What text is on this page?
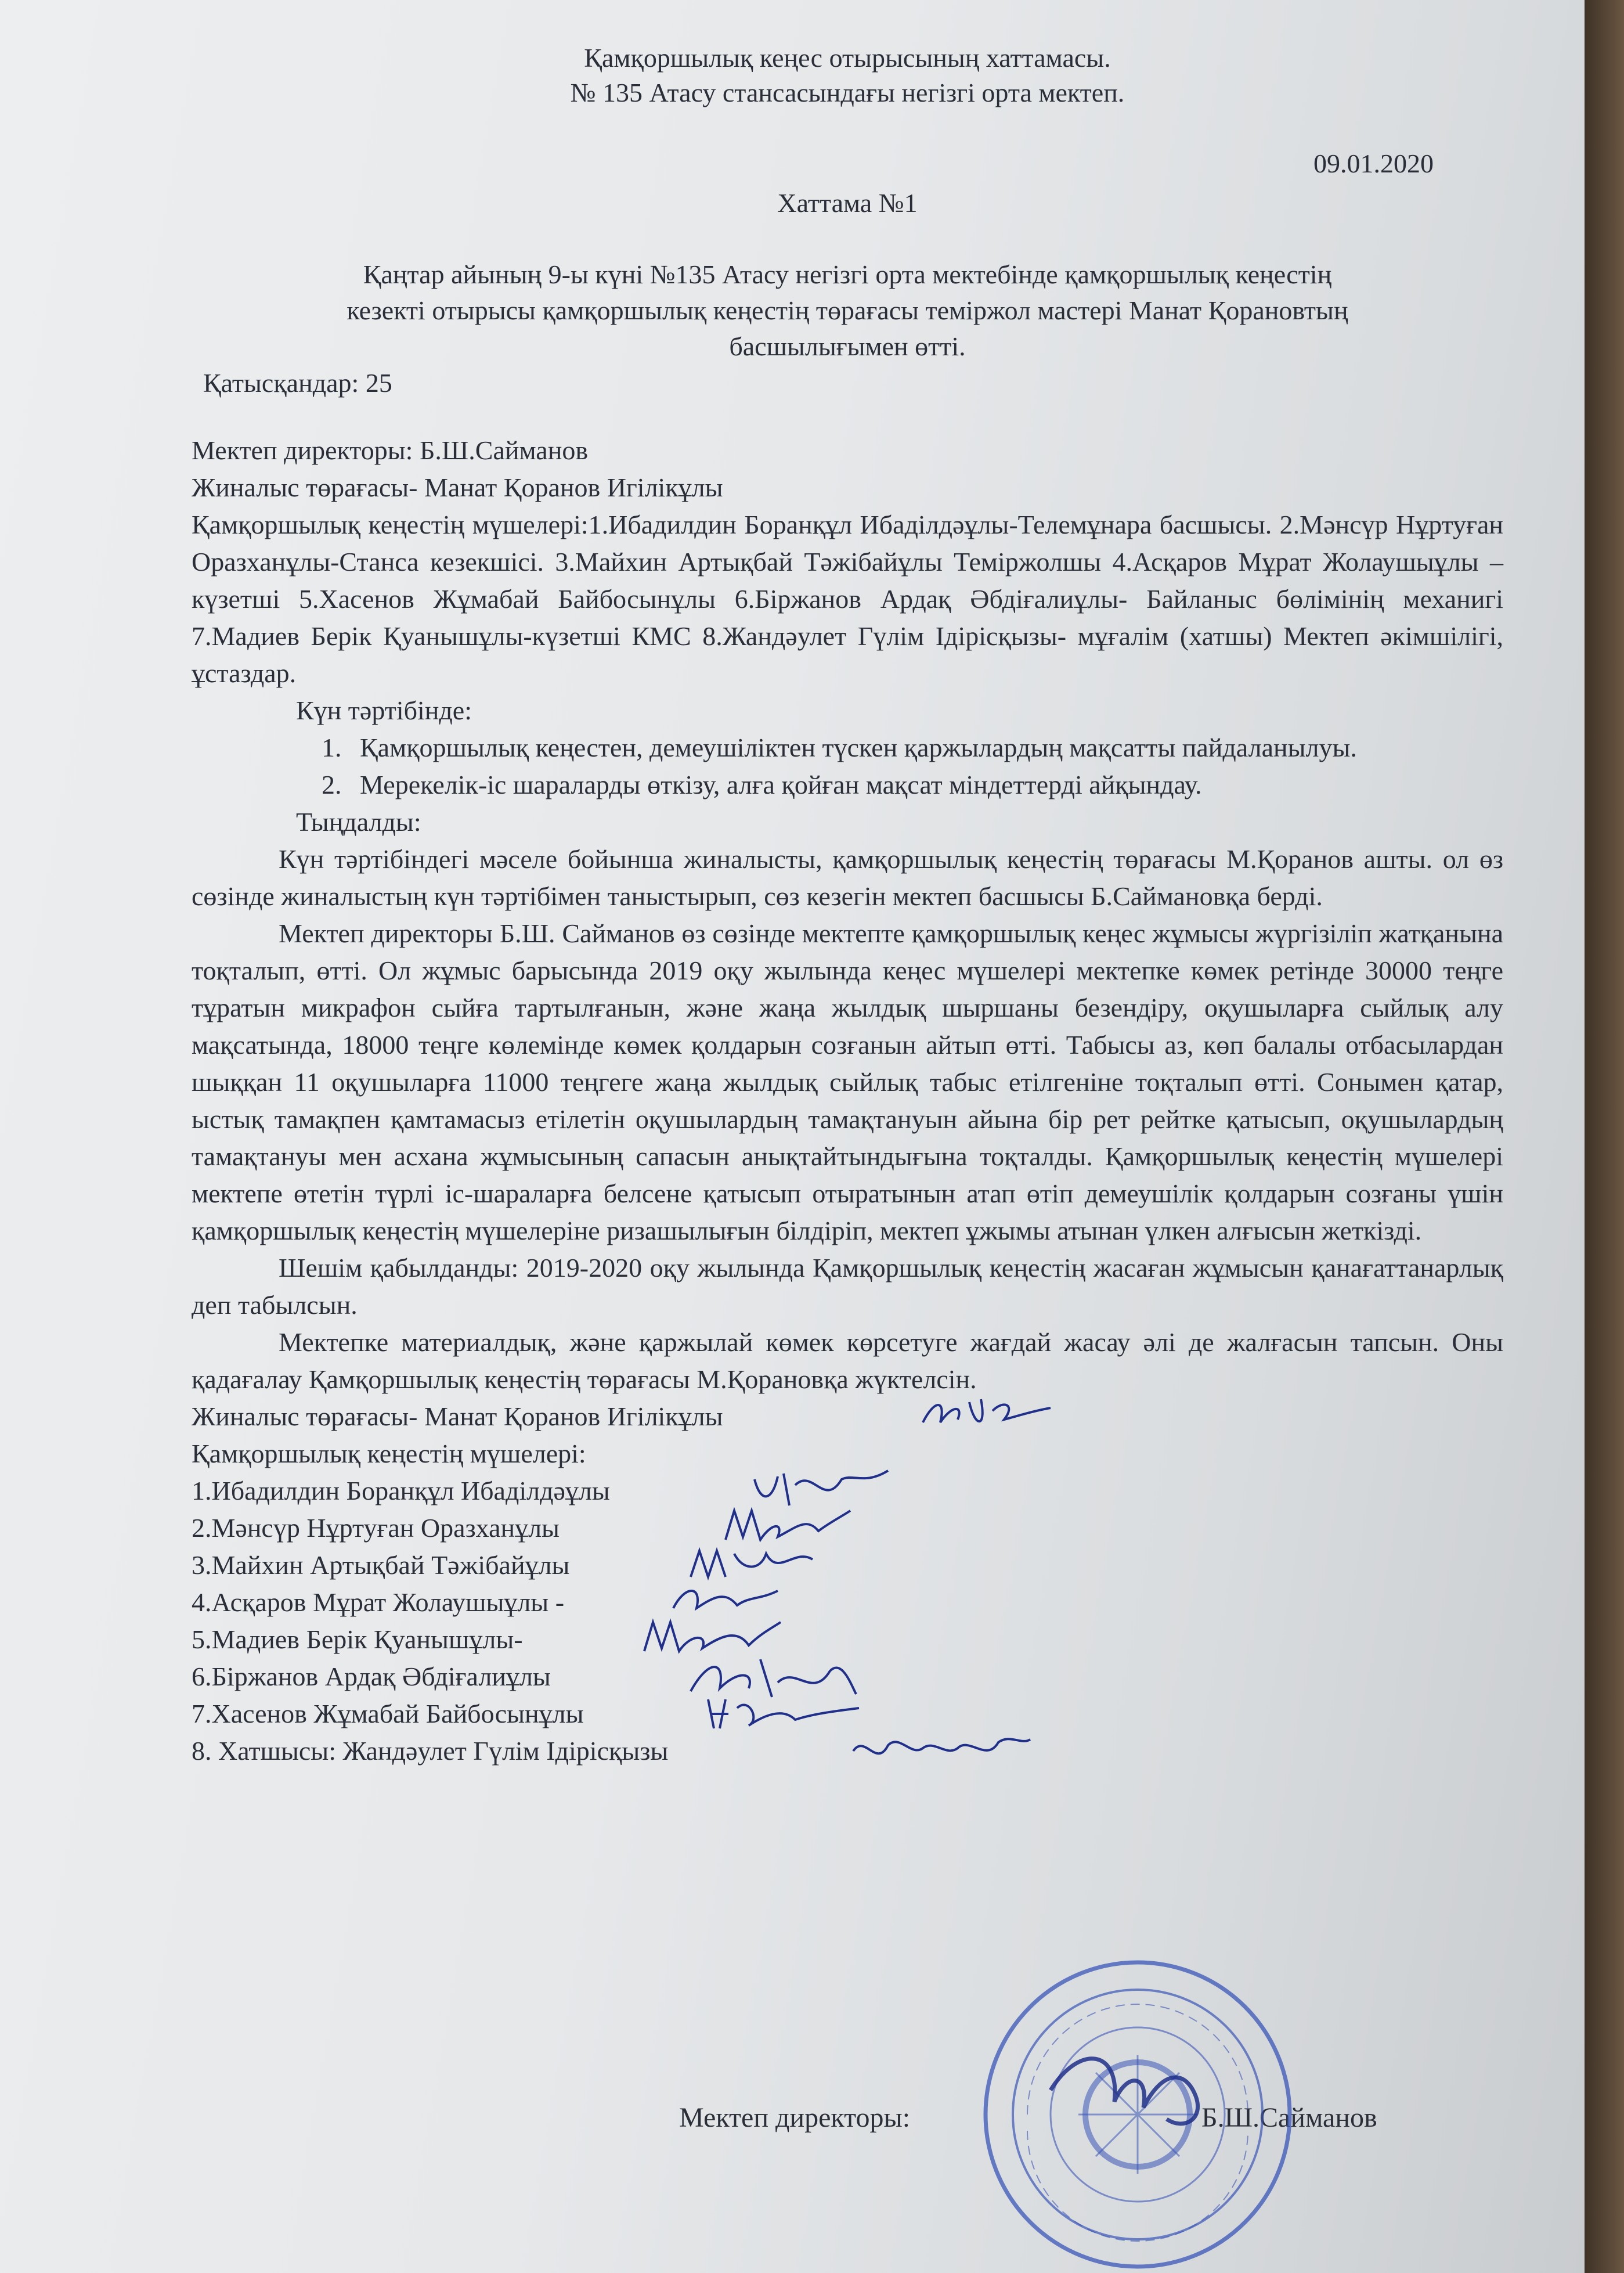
Қамқоршылық кеңес отырысының хаттамасы.
№ 135 Атасу стансасындағы негізгі орта мектеп.
09.01.2020
Хаттама №1
Қаңтар айының 9-ы күні №135 Атасу негізгі орта мектебінде қамқоршылық кеңестің
кезекті отырысы қамқоршылық кеңестің төрағасы теміржол мастері Манат Қорановтың
басшылығымен өтті.

Қатысқандар: 25

Мектеп директоры: Б.Ш.Сайманов

Жиналыс төрағасы- Манат Қоранов Игілікұлы

Қамқоршылық кеңестің мүшелері:1.Ибадилдин Боранқұл Ибаділдәұлы-Телемұнара басшысы. 2.Мәнсүр Нұртуған Оразханұлы-Станса кезекшісі. 3.Майхин Артықбай Тәжібайұлы Теміржолшы 4.Асқаров Мұрат Жолаушыұлы – күзетші 5.Хасенов Жұмабай Байбосынұлы 6.Біржанов Ардақ Әбдіғалиұлы- Байланыс бөлімінің механигі 7.Мадиев Берік Қуанышұлы-күзетші КМС 8.Жандәулет Гүлім Ідірісқызы- мұғалім (хатшы) Мектеп әкімшілігі, ұстаздар.

Күн тәртібінде:

1. Қамқоршылық кеңестен, демеушіліктен түскен қаржылардың мақсатты пайдаланылуы.
2. Мерекелік-іс шараларды өткізу, алға қойған мақсат міндеттерді айқындау.

Тыңдалды:

Күн тәртібіндегі мәселе бойынша жиналысты, қамқоршылық кеңестің төрағасы М.Қоранов ашты. ол өз сөзінде жиналыстың күн тәртібімен таныстырып, сөз кезегін мектеп басшысы Б.Саймановқа берді.

Мектеп директоры Б.Ш. Сайманов өз сөзінде мектепте қамқоршылық кеңес жұмысы жүргізіліп жатқанына тоқталып, өтті. Ол жұмыс барысында 2019 оқу жылында кеңес мүшелері мектепке көмек ретінде 30000 теңге тұратын микрафон сыйға тартылғанын, және жаңа жылдық шыршаны безендіру, оқушыларға сыйлық алу мақсатында, 18000 теңге көлемінде көмек қолдарын созғанын айтып өтті. Табысы аз, көп балалы отбасылардан шыққан 11 оқушыларға 11000 теңгеге жаңа жылдық сыйлық табыс етілгеніне тоқталып өтті. Сонымен қатар, ыстық тамақпен қамтамасыз етілетін оқушылардың тамақтануын айына бір рет рейтке қатысып, оқушылардың тамақтануы мен асхана жұмысының сапасын анықтайтындығына тоқталды. Қамқоршылық кеңестің мүшелері мектепе өтетін түрлі іс-шараларға белсене қатысып отыратынын атап өтіп демеушілік қолдарын созғаны үшін қамқоршылық кеңестің мүшелеріне ризашылығын білдіріп, мектеп ұжымы атынан үлкен алғысын жеткізді.

Шешім қабылданды: 2019-2020 оқу жылында Қамқоршылық кеңестің жасаған жұмысын қанағаттанарлық деп табылсын.

Мектепке материалдық, және қаржылай көмек көрсетуге жағдай жасау әлі де жалғасын тапсын. Оны қадағалау Қамқоршылық кеңестің төрағасы М.Қорановқа жүктелсін.

Жиналыс төрағасы- Манат Қоранов Игілікұлы
Қамқоршылық кеңестің мүшелері:
1.Ибадилдин Боранқұл Ибаділдәұлы
2.Мәнсүр Нұртуған Оразханұлы
3.Майхин Артықбай Тәжібайұлы
4.Асқаров Мұрат Жолаушыұлы -
5.Мадиев Берік Қуанышұлы-
6.Біржанов Ардақ Әбдіғалиұлы
7.Хасенов Жұмабай Байбосынұлы
8. Хатшысы: Жандәулет Гүлім Ідірісқызы
Мектеп директоры:	Б.Ш.Сайманов
